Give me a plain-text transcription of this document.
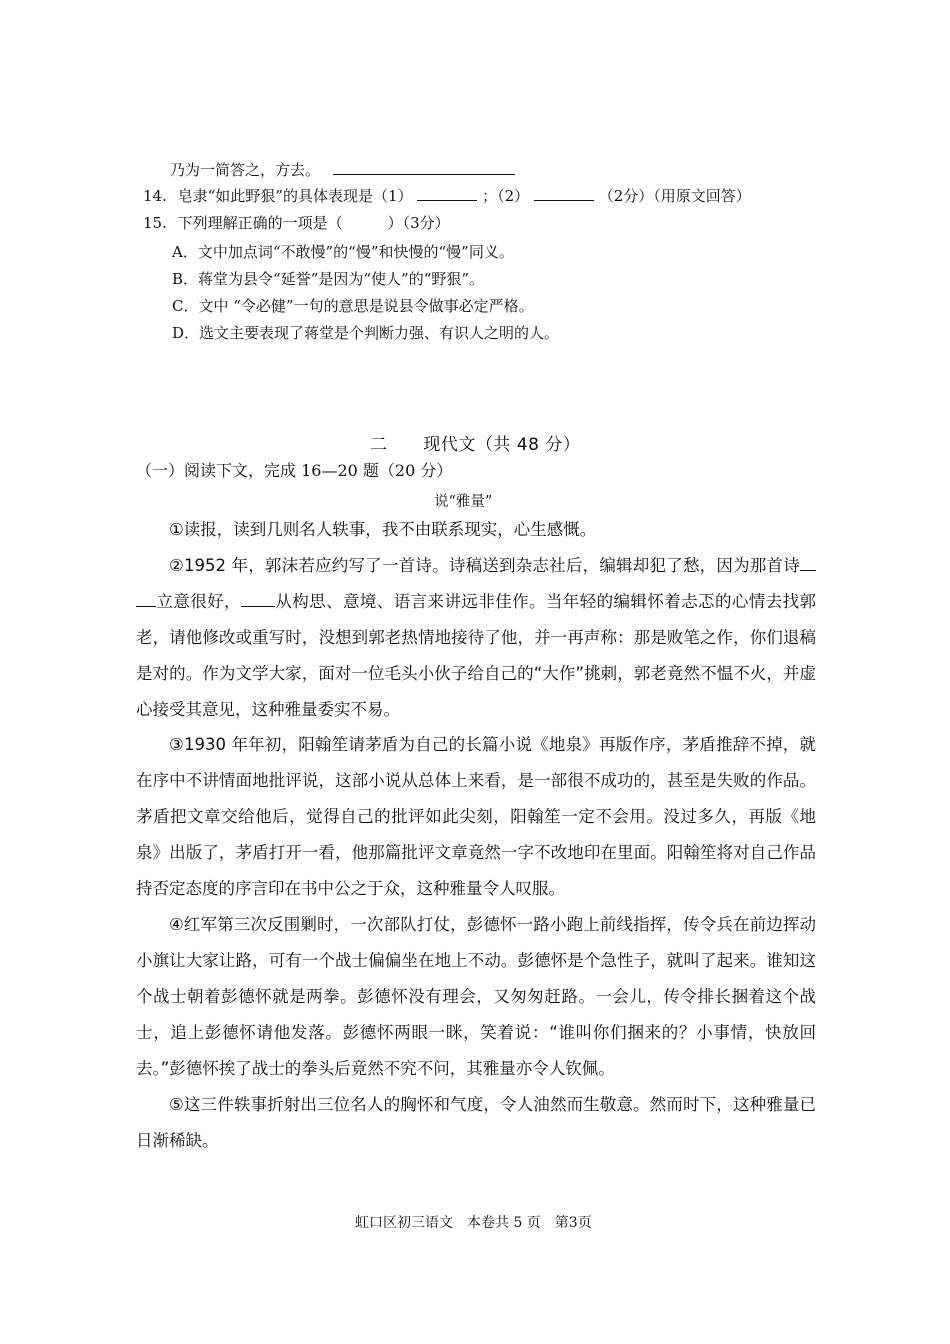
乃为一简答之，方去。
14. 皂隶“如此野狠”的具体表现是（1）	；（2）	（2分）（用原文回答）
15. 下列理解正确的一项是（　　　）（3分）
A．文中加点词“不敢慢”的“慢”和快慢的“慢”同义。
B．蒋堂为县令“延誉”是因为“使人”的“野狠”。
C．文中 “令必健”一句的意思是说县令做事必定严格。
D．选文主要表现了蒋堂是个判断力强、有识人之明的人。
二 现代文（共 48 分）
（一）阅读下文，完成 16—20 题（20 分）
说“雅量”
①读报，读到几则名人轶事，我不由联系现实，心生感慨。
②1952 年，郭沫若应约写了一首诗。诗稿送到杂志社后，编辑却犯了愁，因为那首诗立意很好， 从构思、意境、语言来讲远非佳作。当年轻的编辑怀着忐忑的心情去找郭老，请他修改或重写时，没想到郭老热情地接待了他，并一再声称：那是败笔之作，你们退稿是对的。作为文学大家，面对一位毛头小伙子给自己的“大作”挑刺，郭老竟然不愠不火，并虚心接受其意见，这种雅量委实不易。
③1930 年年初，阳翰笙请茅盾为自己的长篇小说《地泉》再版作序，茅盾推辞不掉，就在序中不讲情面地批评说，这部小说从总体上来看，是一部很不成功的，甚至是失败的作品。茅盾把文章交给他后，觉得自己的批评如此尖刻，阳翰笙一定不会用。没过多久，再版《地泉》出版了，茅盾打开一看，他那篇批评文章竟然一字不改地印在里面。阳翰笙将对自己作品持否定态度的序言印在书中公之于众，这种雅量令人叹服。
④红军第三次反围剿时，一次部队打仗，彭德怀一路小跑上前线指挥，传令兵在前边挥动小旗让大家让路，可有一个战士偏偏坐在地上不动。彭德怀是个急性子，就叫了起来。谁知这个战士朝着彭德怀就是两拳。彭德怀没有理会，又匆匆赶路。一会儿，传令排长捆着这个战士，追上彭德怀请他发落。彭德怀两眼一眯，笑着说：“谁叫你们捆来的？小事情，快放回去。”彭德怀挨了战士的拳头后竟然不究不问，其雅量亦令人钦佩。
⑤这三件轶事折射出三位名人的胸怀和气度，令人油然而生敬意。然而时下，这种雅量已日渐稀缺。
虹口区初三语文　本卷共 5 页　第3页
